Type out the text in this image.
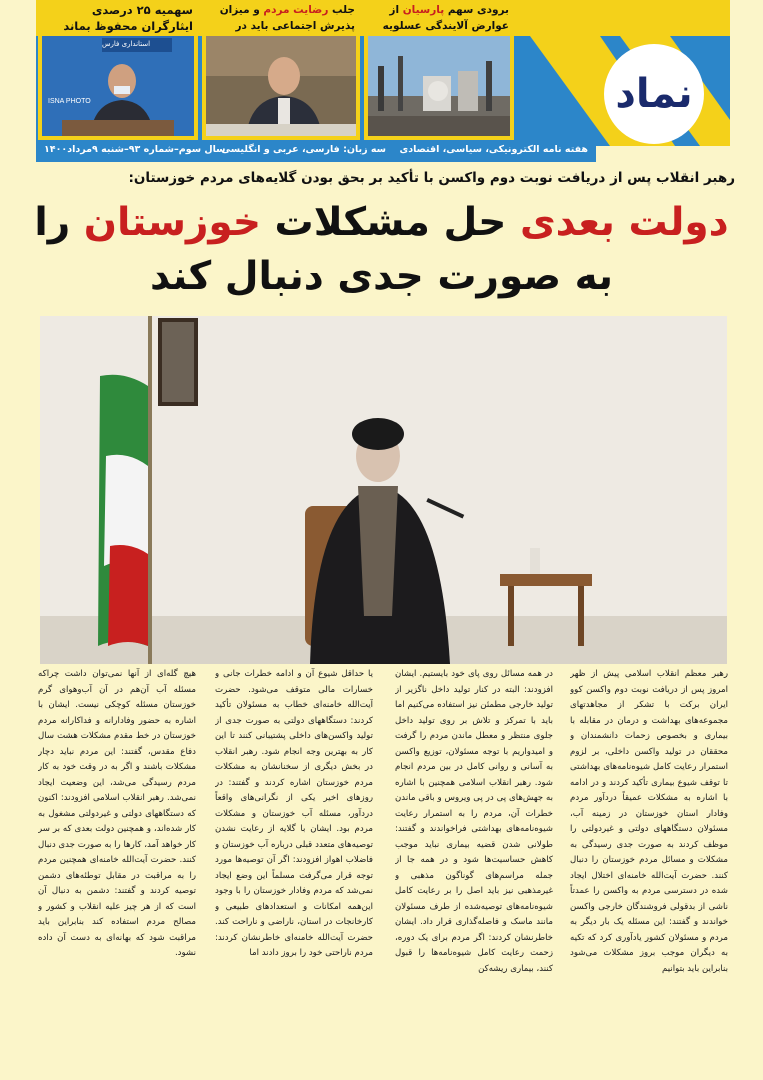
برودی سهم پارسیان از عوارض آلایندگی عسلویه
جلب رضایت مردم و میزان پذیرش اجتماعی باید در
سهمیه ۲۵ درصدی ایثارگران محفوظ بماند
ISNA PHOTO
استانداری فارس
نماد
هفته نامه الکترونیکی، سیاسی، اقتصادی
سه زبان: فارسی، عربی و انگلیسی
سال سوم–شماره ۹۳–شنبه ۹مرداد۱۴۰۰
رهبر انقلاب پس از دریافت نوبت دوم واکسن با تأکید بر بحق بودن گلایه‌های مردم خوزستان:
دولت بعدی حل مشکلات خوزستان را
به صورت جدی دنبال کند
رهبر معظم انقلاب اسلامی پیش از ظهر امروز پس از دریافت نوبت دوم واکسن کوو ایران برکت با تشکر از مجاهدتهای مجموعه‌های بهداشت و درمان در مقابله با بیماری و بخصوص زحمات دانشمندان و محققان در تولید واکسن داخلی، بر لزوم استمرار رعایت کامل شیوه‌نامه‌های بهداشتی تا توقف شیوع بیماری تأکید کردند و در ادامه با اشاره به مشکلات عمیقاً دردآور مردم وفادار استان خوزستان در زمینه آب، مسئولان دستگاههای دولتی و غیردولتی را موظف کردند به صورت جدی رسیدگی به مشکلات و مسائل مردم خوزستان را دنبال کنند. حضرت آیت‌الله خامنه‌ای اختلال ایجاد شده در دسترسی مردم به واکسن را عمدتاً ناشی از بدقولی فروشندگان خارجی واکسن خواندند و گفتند: این مسئله یک بار دیگر به مردم و مسئولان کشور یادآوری کرد که تکیه به دیگران موجب بروز مشکلات می‌شود بنابراین باید بتوانیم
در همه مسائل روی پای خود بایستیم. ایشان افزودند: البته در کنار تولید داخل ناگزیر از تولید خارجی مطمئن نیز استفاده می‌کنیم اما باید با تمرکز و تلاش بر روی تولید داخل جلوی منتظر و معطل ماندن مردم را گرفت و امیدواریم با توجه مسئولان، توزیع واکسن به آسانی و روانی کامل در بین مردم انجام شود. رهبر انقلاب اسلامی همچنین با اشاره به جهش‌های پی در پی ویروس و باقی ماندن خطرات آن، مردم را به استمرار رعایت شیوه‌نامه‌های بهداشتی فراخواندند و گفتند: طولانی شدن قضیه بیماری نباید موجب کاهش حساسیت‌ها شود و در همه جا از جمله مراسم‌های گوناگون مذهبی و غیرمذهبی نیز باید اصل را بر رعایت کامل شیوه‌نامه‌های توصیه‌شده از طرف مسئولان مانند ماسک و فاصله‌گذاری قرار داد. ایشان خاطرنشان کردند: اگر مردم برای یک دوره، زحمت رعایت کامل شیوه‌نامه‌ها را قبول کنند، بیماری ریشه‌کن
یا حداقل شیوع آن و ادامه خطرات جانی و خسارات مالی متوقف می‌شود. حضرت آیت‌الله خامنه‌ای خطاب به مسئولان تأکید کردند: دستگاههای دولتی به صورت جدی از تولید واکسن‌های داخلی پشتیبانی کنند تا این کار به بهترین وجه انجام شود. رهبر انقلاب در بخش دیگری از سخنانشان به مشکلات مردم خوزستان اشاره کردند و گفتند: در روزهای اخیر یکی از نگرانی‌های واقعاً دردآور، مسئله آب خوزستان و مشکلات مردم بود. ایشان با گلایه از رعایت نشدن توصیه‌های متعدد قبلی درباره آب خوزستان و فاضلاب اهواز افزودند: اگر آن توصیه‌ها مورد توجه قرار می‌گرفت مسلماً این وضع ایجاد نمی‌شد که مردم وفادار خوزستان را با وجود این‌همه امکانات و استعدادهای طبیعی و کارخانجات در استان، ناراضی و ناراحت کند. حضرت آیت‌الله خامنه‌ای خاطرنشان کردند: مردم ناراحتی خود را بروز دادند اما
هیچ گله‌ای از آنها نمی‌توان داشت چراکه مسئله آب آن‌هم در آن آب‌وهوای گرم خوزستان مسئله کوچکی نیست. ایشان با اشاره به حضور وفادارانه و فداکارانه مردم خوزستان در خط مقدم مشکلات هشت سال دفاع مقدس، گفتند: این مردم نباید دچار مشکلات باشند و اگر به در وقت خود به کار مردم رسیدگی می‌شد، این وضعیت ایجاد نمی‌شد. رهبر انقلاب اسلامی افزودند: اکنون که دستگاههای دولتی و غیردولتی مشغول به کار شده‌اند، و همچنین دولت بعدی که بر سر کار خواهد آمد، کارها را به صورت جدی دنبال کنند. حضرت آیت‌الله خامنه‌ای همچنین مردم را به مراقبت در مقابل توطئه‌های دشمن توصیه کردند و گفتند: دشمن به دنبال آن است که از هر چیز علیه انقلاب و کشور و مصالح مردم استفاده کند بنابراین باید مراقبت شود که بهانه‌ای به دست آن داده نشود.
